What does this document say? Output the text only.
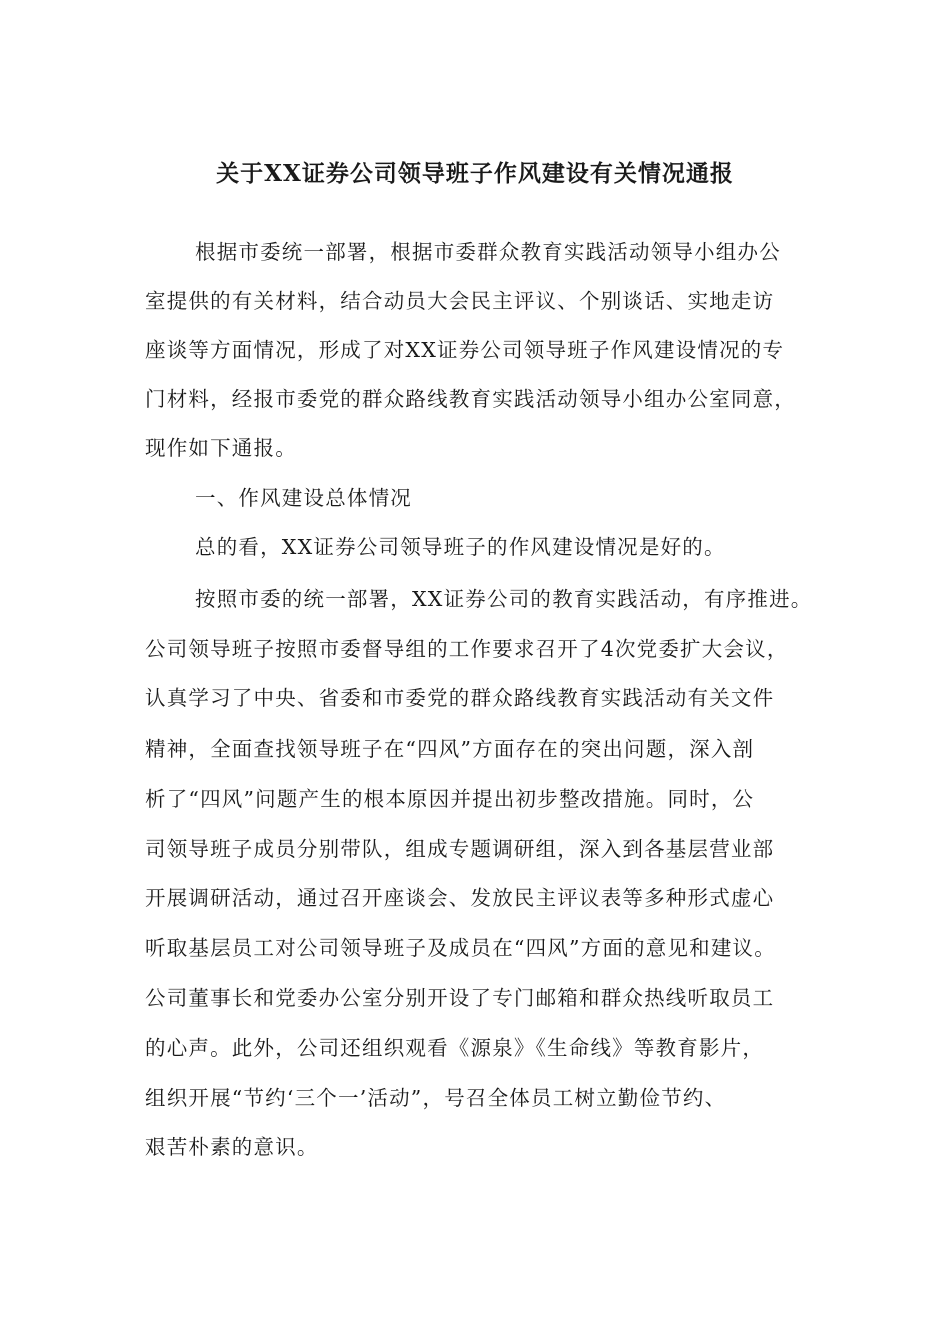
关于XX证券公司领导班子作风建设有关情况通报
根据市委统一部署，根据市委群众教育实践活动领导小组办公
室提供的有关材料，结合动员大会民主评议、个别谈话、实地走访
座谈等方面情况，形成了对XX证券公司领导班子作风建设情况的专
门材料，经报市委党的群众路线教育实践活动领导小组办公室同意，
现作如下通报。
一、作风建设总体情况
总的看，XX证券公司领导班子的作风建设情况是好的。
按照市委的统一部署，XX证券公司的教育实践活动，有序推进。
公司领导班子按照市委督导组的工作要求召开了4次党委扩大会议，
认真学习了中央、省委和市委党的群众路线教育实践活动有关文件
精神，全面查找领导班子在“四风”方面存在的突出问题，深入剖
析了“四风”问题产生的根本原因并提出初步整改措施。同时，公
司领导班子成员分别带队，组成专题调研组，深入到各基层营业部
开展调研活动，通过召开座谈会、发放民主评议表等多种形式虚心
听取基层员工对公司领导班子及成员在“四风”方面的意见和建议。
公司董事长和党委办公室分别开设了专门邮箱和群众热线听取员工
的心声。此外，公司还组织观看《源泉》《生命线》等教育影片，
组织开展“节约‘三个一’活动”，号召全体员工树立勤俭节约、
艰苦朴素的意识。
